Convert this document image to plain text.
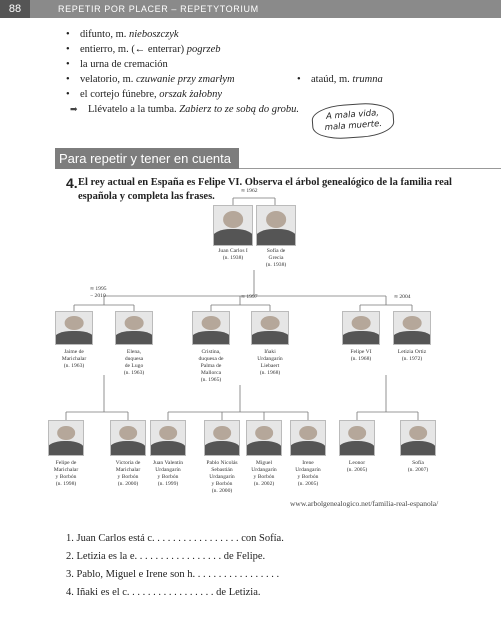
88	REPETIR POR PLACER – REPETYTORIUM
• difunto, m. nieboszczyk
• entierro, m. (← enterrar) pogrzeb
• la urna de cremación
• velatorio, m. czuwanie przy zmarłym
• el cortejo fúnebre, orszak żałobny
➡ Llévatelo a la tumba. Zabierz to ze sobą do grobu.
• ataúd, m. trumna
A mala vida,
mala muerte.
Para repetir y tener en cuenta
4. El rey actual en España es Felipe VI. Observa el árbol genealógico de la familia real española y completa las frases.	∞ 1962
∞ 1995
− 2010	∞ 1997	∞ 2004
Juan Carlos I
(n. 1938)
Sofía de
Grecia
(n. 1938)
Jaime de
Marichalar
(n. 1963)
Elena,
duquesa
de Lugo
(n. 1963)
Cristina,
duquesa de
Palma de
Mallorca
(n. 1965)
Iñaki
Urdangarín
Liebaert
(n. 1968)
Felipe VI
(n. 1968)
Letizia Ortiz
(n. 1972)
Felipe de
Marichalar
y Borbón
(n. 1998)
Victoria de
Marichalar
y Borbón
(n. 2000)
Juan Valentín
Urdangarín
y Borbón
(n. 1999)
Pablo Nicolás
Sebastián
Urdangarín
y Borbón
(n. 2000)
Miguel
Urdangarín
y Borbón
(n. 2002)
Irene
Urdangarín
y Borbón
(n. 2005)
Leonor
(n. 2005)
Sofía
(n. 2007)
www.arbolgenealogico.net/familia-real-espanola/
1. Juan Carlos está c. . . . . . . . . . . . . . . . . con Sofía.
2. Letizia es la e. . . . . . . . . . . . . . . . . de Felipe.
3. Pablo, Miguel e Irene son h. . . . . . . . . . . . . . . . .
4. Iñaki es el c. . . . . . . . . . . . . . . . . de Letizia.
